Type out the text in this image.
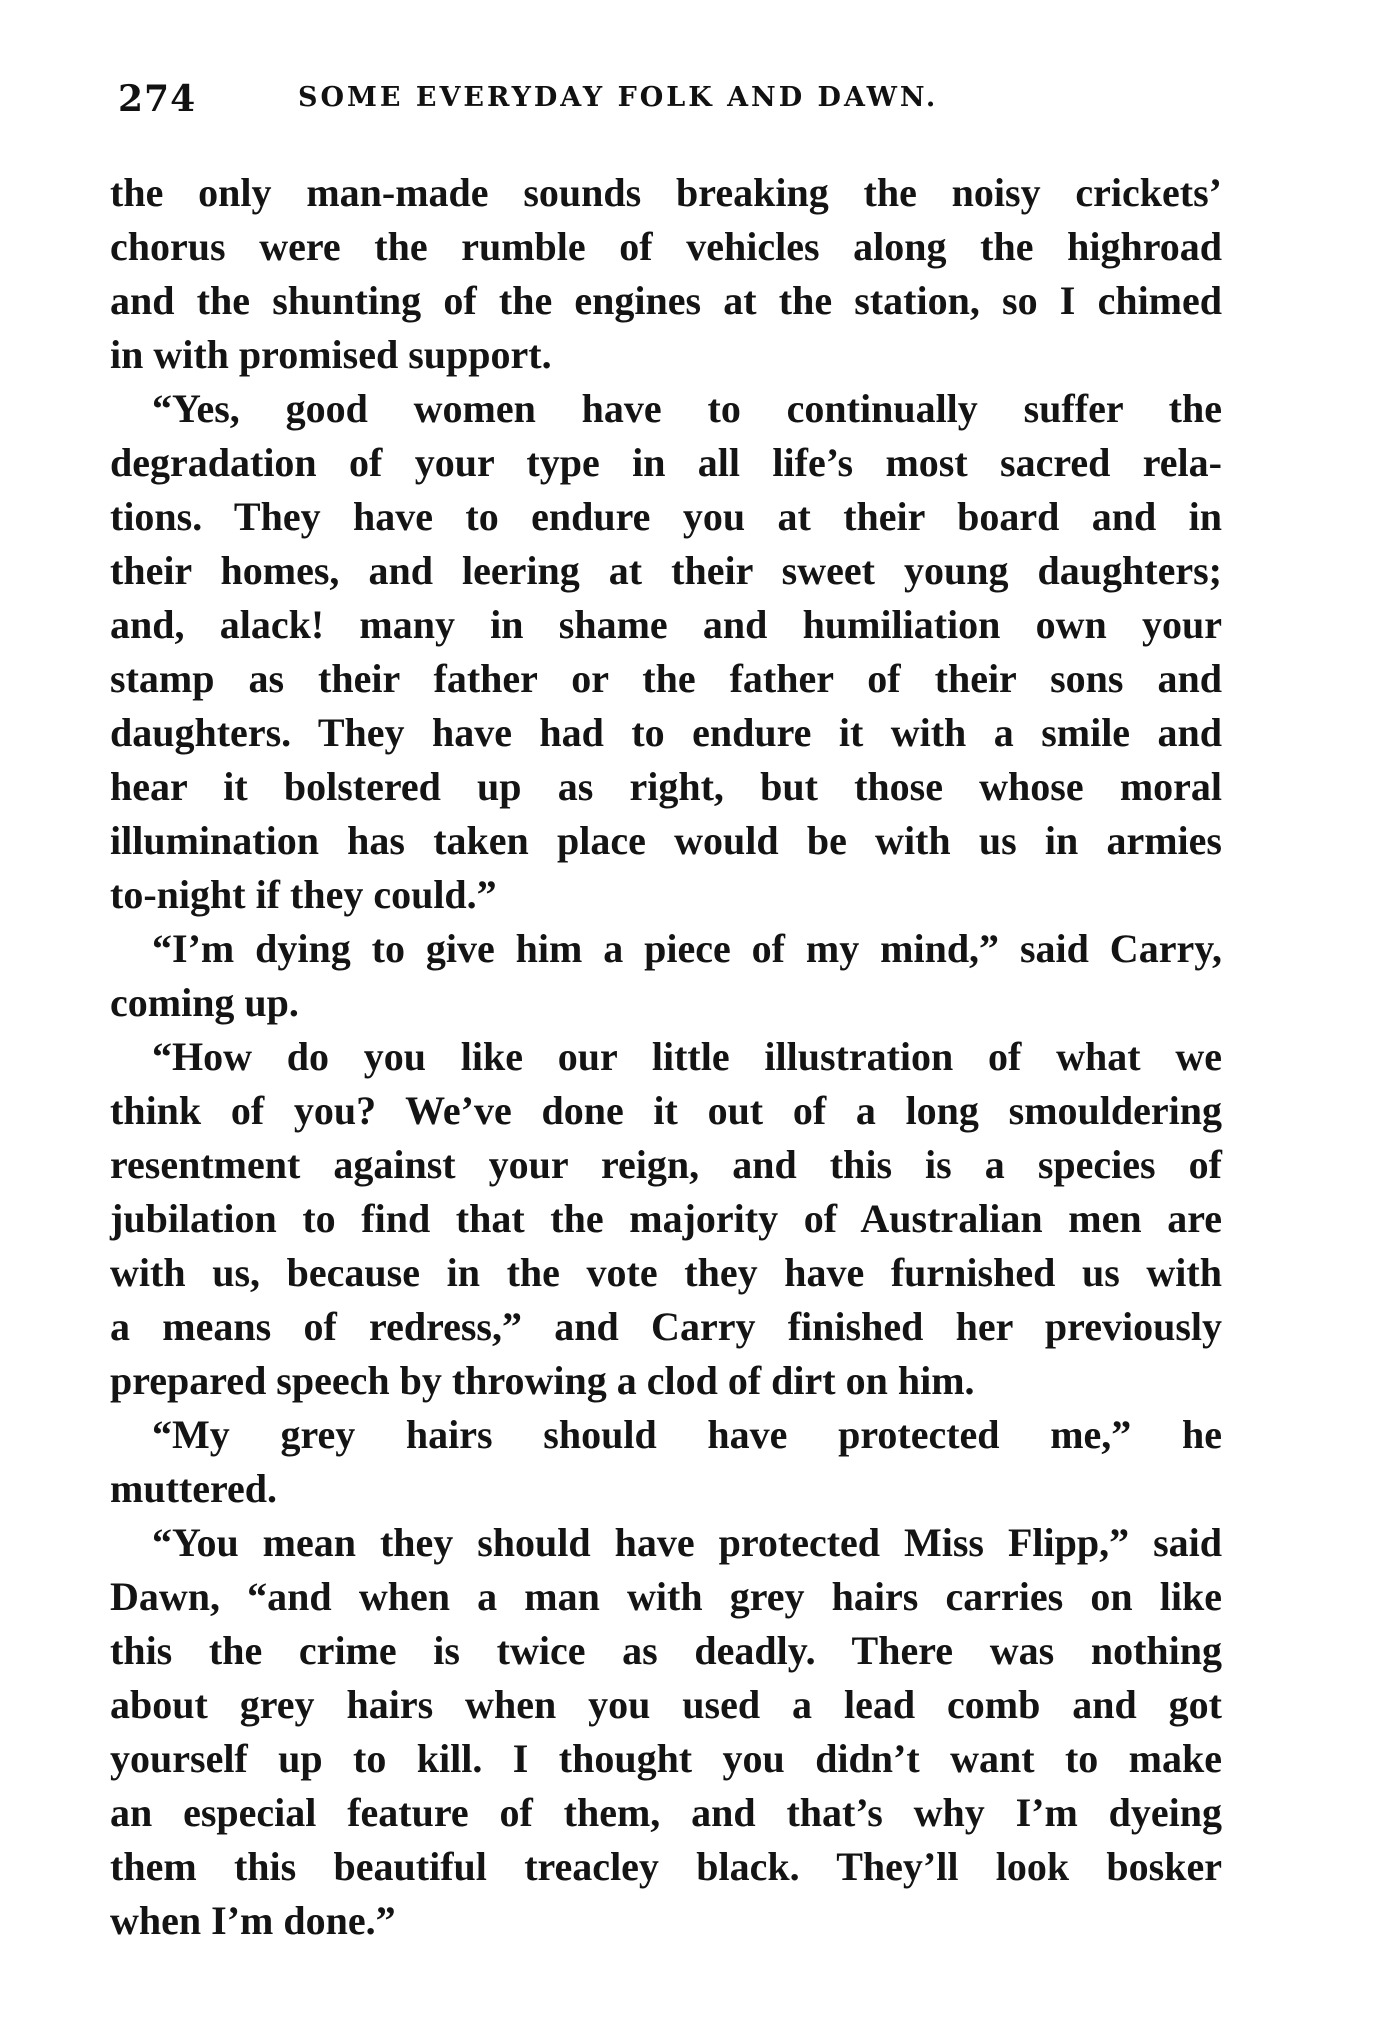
274	SOME EVERYDAY FOLK AND DAWN.
the only man-made sounds breaking the noisy crickets’
chorus were the rumble of vehicles along the highroad
and the shunting of the engines at the station, so I chimed
in with promised support.
“Yes, good women have to continually suffer the
degradation of your type in all life’s most sacred rela-
tions. They have to endure you at their board and in
their homes, and leering at their sweet young daughters;
and, alack! many in shame and humiliation own your
stamp as their father or the father of their sons and
daughters. They have had to endure it with a smile and
hear it bolstered up as right, but those whose moral
illumination has taken place would be with us in armies
to-night if they could.”
“I’m dying to give him a piece of my mind,” said Carry,
coming up.
“How do you like our little illustration of what we
think of you? We’ve done it out of a long smouldering
resentment against your reign, and this is a species of
jubilation to find that the majority of Australian men are
with us, because in the vote they have furnished us with
a means of redress,” and Carry finished her previously
prepared speech by throwing a clod of dirt on him.
“My grey hairs should have protected me,” he
muttered.
“You mean they should have protected Miss Flipp,” said
Dawn, “and when a man with grey hairs carries on like
this the crime is twice as deadly. There was nothing
about grey hairs when you used a lead comb and got
yourself up to kill. I thought you didn’t want to make
an especial feature of them, and that’s why I’m dyeing
them this beautiful treacley black. They’ll look bosker
when I’m done.”
